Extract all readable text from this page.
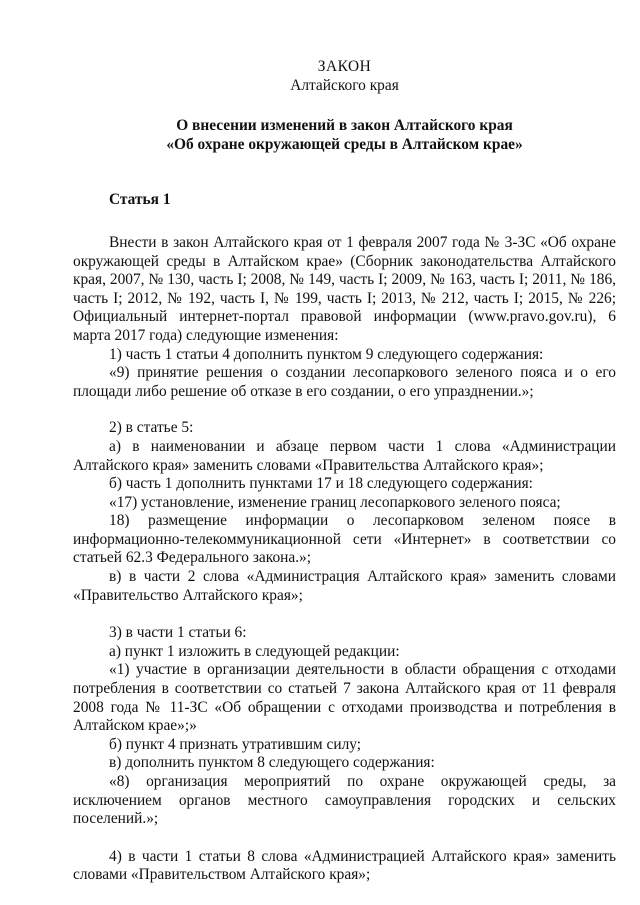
ЗАКОН

Алтайского края

О внесении изменений в закон Алтайского края

«Об охране окружающей среды в Алтайском крае»

Статья 1

Внести в закон Алтайского края от 1 февраля 2007 года № 3-ЗС «Об охране окружающей среды в Алтайском крае» (Сборник законодательства Алтайского края, 2007, № 130, часть I; 2008, № 149, часть I; 2009, № 163, часть I; 2011, № 186, часть I; 2012, № 192, часть I, № 199, часть I; 2013, № 212, часть I; 2015, № 226; Официальный интернет-портал правовой информации (www.pravo.gov.ru), 6 марта 2017 года) следующие изменения:

1) часть 1 статьи 4 дополнить пунктом 9 следующего содержания:

«9) принятие решения о создании лесопаркового зеленого пояса и о его площади либо решение об отказе в его создании, о его упразднении.»;

2) в статье 5:

а) в наименовании и абзаце первом части 1 слова «Администрации Алтайского края» заменить словами «Правительства Алтайского края»;

б) часть 1 дополнить пунктами 17 и 18 следующего содержания:

«17) установление, изменение границ лесопаркового зеленого пояса;

18) размещение информации о лесопарковом зеленом поясе в информационно-телекоммуникационной сети «Интернет» в соответствии со статьей 62.3 Федерального закона.»;

в) в части 2 слова «Администрация Алтайского края» заменить словами «Правительство Алтайского края»;

3) в части 1 статьи 6:

а) пункт 1 изложить в следующей редакции:

«1) участие в организации деятельности в области обращения с отходами потребления в соответствии со статьей 7 закона Алтайского края от 11 февраля 2008 года № 11-ЗС «Об обращении с отходами производства и потребления в Алтайском крае»;»

б) пункт 4 признать утратившим силу;

в) дополнить пунктом 8 следующего содержания:

«8) организация мероприятий по охране окружающей среды, за исключением органов местного самоуправления городских и сельских поселений.»;

4) в части 1 статьи 8 слова «Администрацией Алтайского края» заменить словами «Правительством Алтайского края»;
